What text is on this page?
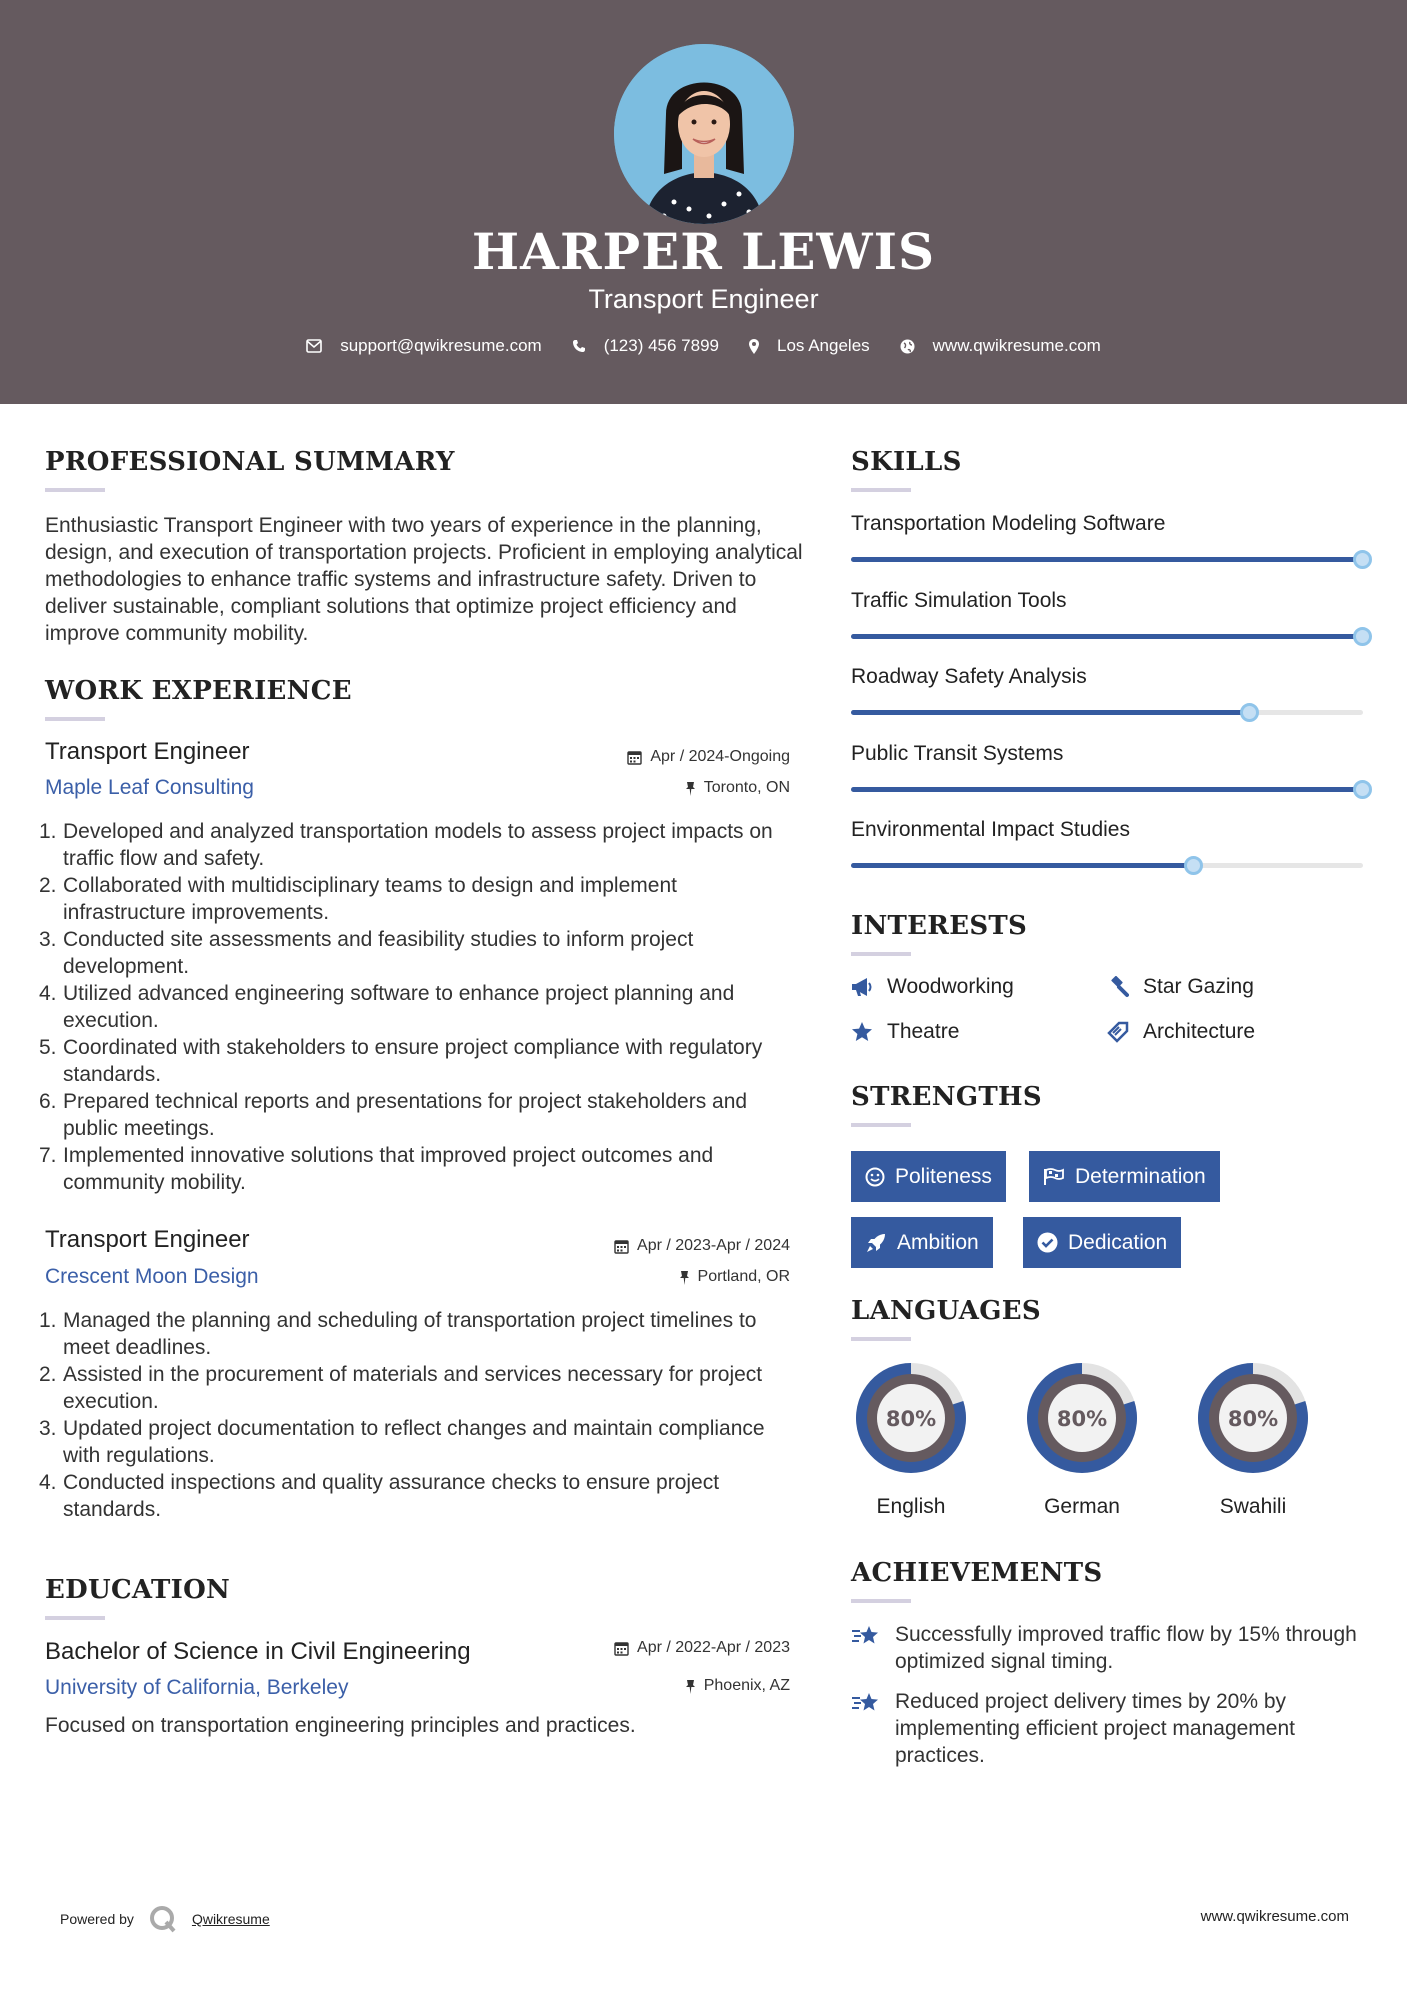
HARPER LEWIS
Transport Engineer
support@qwikresume.com	(123) 456 7899	Los Angeles	www.qwikresume.com
PROFESSIONAL SUMMARY
Enthusiastic Transport Engineer with two years of experience in the planning, design, and execution of transportation projects. Proficient in employing analytical methodologies to enhance traffic systems and infrastructure safety. Driven to deliver sustainable, compliant solutions that optimize project efficiency and improve community mobility.
WORK EXPERIENCE
Transport Engineer	Apr / 2024-Ongoing
Maple Leaf Consulting	Toronto, ON
1. Developed and analyzed transportation models to assess project impacts on traffic flow and safety.
2. Collaborated with multidisciplinary teams to design and implement infrastructure improvements.
3. Conducted site assessments and feasibility studies to inform project development.
4. Utilized advanced engineering software to enhance project planning and execution.
5. Coordinated with stakeholders to ensure project compliance with regulatory standards.
6. Prepared technical reports and presentations for project stakeholders and public meetings.
7. Implemented innovative solutions that improved project outcomes and community mobility.
Transport Engineer	Apr / 2023-Apr / 2024
Crescent Moon Design	Portland, OR
1. Managed the planning and scheduling of transportation project timelines to meet deadlines.
2. Assisted in the procurement of materials and services necessary for project execution.
3. Updated project documentation to reflect changes and maintain compliance with regulations.
4. Conducted inspections and quality assurance checks to ensure project standards.
EDUCATION
Bachelor of Science in Civil Engineering	Apr / 2022-Apr / 2023
University of California, Berkeley	Phoenix, AZ
Focused on transportation engineering principles and practices.
SKILLS
Transportation Modeling Software
Traffic Simulation Tools
Roadway Safety Analysis
Public Transit Systems
Environmental Impact Studies
INTERESTS
Woodworking	Star Gazing
Theatre	Architecture
STRENGTHS
Politeness	Determination
Ambition	Dedication
LANGUAGES
80%
English
80%
German
80%
Swahili
ACHIEVEMENTS
Successfully improved traffic flow by 15% through optimized signal timing.
Reduced project delivery times by 20% by implementing efficient project management practices.
Powered by	Qwikresume	www.qwikresume.com
